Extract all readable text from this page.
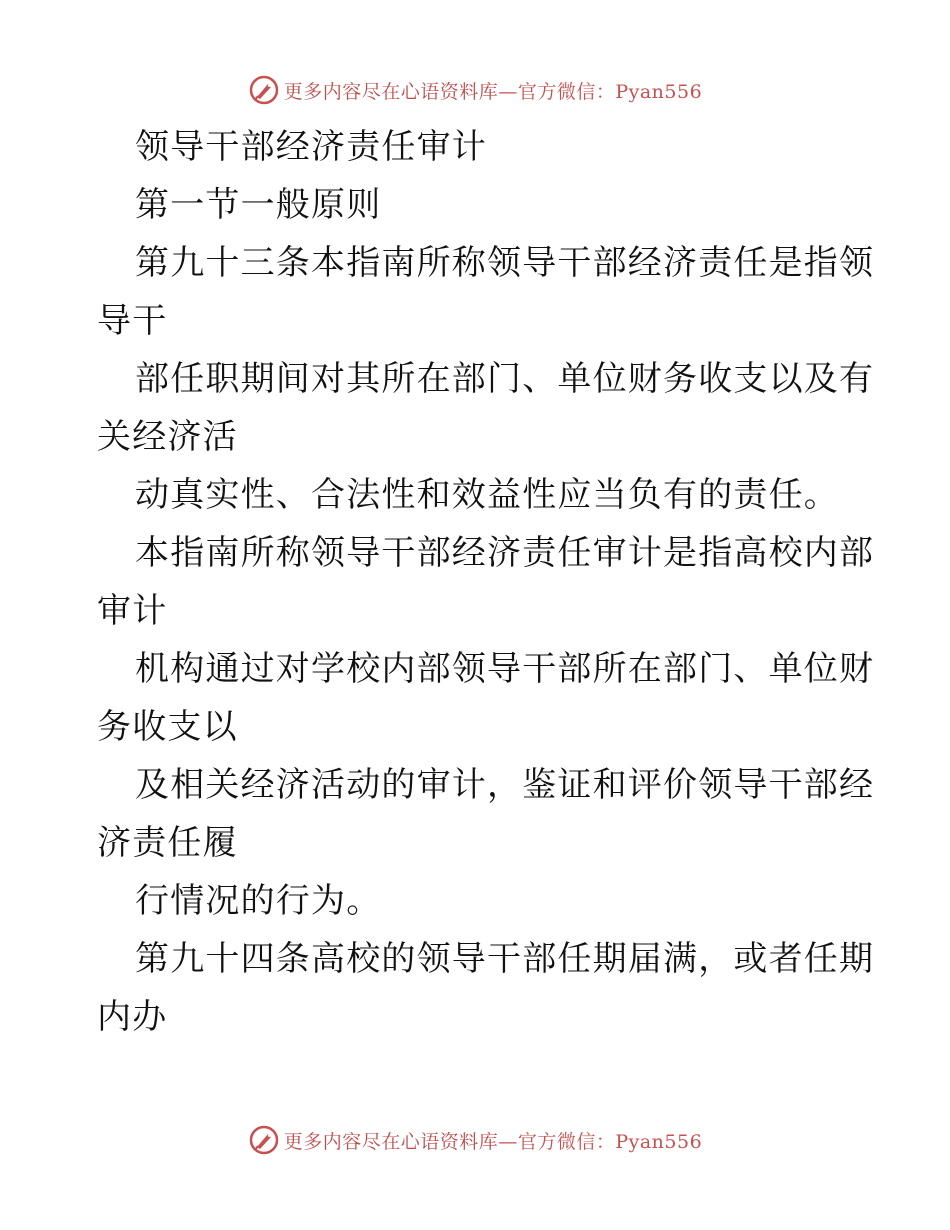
更多内容尽在心语资料库—官方微信：Pyan556
领导干部经济责任审计
第一节一般原则
第九十三条本指南所称领导干部经济责任是指领
导干
部任职期间对其所在部门、单位财务收支以及有
关经济活
动真实性、合法性和效益性应当负有的责任。
本指南所称领导干部经济责任审计是指高校内部
审计
机构通过对学校内部领导干部所在部门、单位财
务收支以
及相关经济活动的审计，鉴证和评价领导干部经
济责任履
行情况的行为。
第九十四条高校的领导干部任期届满，或者任期
内办
更多内容尽在心语资料库—官方微信：Pyan556
